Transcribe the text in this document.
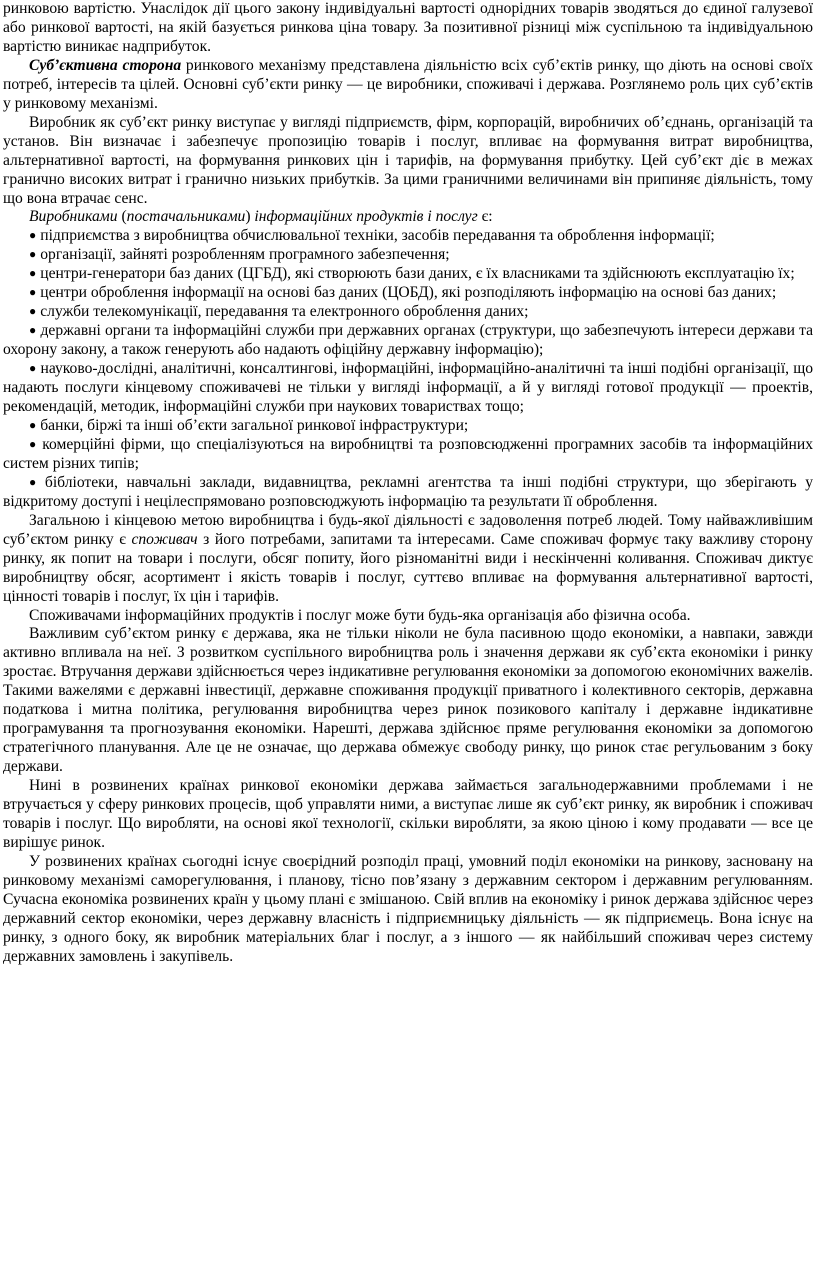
ринковою вартістю. Унаслідок дії цього закону індивідуальні вартості однорідних товарів зводяться до єдиної галузевої або ринкової вартості, на якій базується ринкова ціна товару. За позитивної різниці між суспільною та індивідуальною вартістю виникає надприбуток.

Суб’єктивна сторона ринкового механізму представлена діяльністю всіх суб’єктів ринку, що діють на основі своїх потреб, інтересів та цілей. Основні суб’єкти ринку — це виробники, споживачі і держава. Розглянемо роль цих суб’єктів у ринковому механізмі.

Виробник як суб’єкт ринку виступає у вигляді підприємств, фірм, корпорацій, виробничих об’єднань, організацій та установ. Він визначає і забезпечує пропозицію товарів і послуг, впливає на формування витрат виробництва, альтернативної вартості, на формування ринкових цін і тарифів, на формування прибутку. Цей суб’єкт діє в межах гранично високих витрат і гранично низьких прибутків. За цими граничними величинами він припиняє діяльність, тому що вона втрачає сенс.

Виробниками (постачальниками) інформаційних продуктів і послуг є:

● підприємства з виробництва обчислювальної техніки, засобів передавання та оброблення інформації;

● організації, зайняті розробленням програмного забезпечення;

● центри-генератори баз даних (ЦГБД), які створюють бази даних, є їх власниками та здійснюють експлуатацію їх;

● центри оброблення інформації на основі баз даних (ЦОБД), які розподіляють інформацію на основі баз даних;

● служби телекомунікації, передавання та електронного оброблення даних;

● державні органи та інформаційні служби при державних органах (структури, що забезпечують інтереси держави та охорону закону, а також генерують або надають офіційну державну інформацію);

● науково-дослідні, аналітичні, консалтингові, інформаційні, інформаційно-аналітичні та інші подібні організації, що надають послуги кінцевому споживачеві не тільки у вигляді інформації, а й у вигляді готової продукції — проектів, рекомендацій, методик, інформаційні служби при наукових товариствах тощо;

● банки, біржі та інші об’єкти загальної ринкової інфраструктури;

● комерційні фірми, що спеціалізуються на виробництві та розповсюдженні програмних засобів та інформаційних систем різних типів;

● бібліотеки, навчальні заклади, видавництва, рекламні агентства та інші подібні структури, що зберігають у відкритому доступі і нецілеспрямовано розповсюджують інформацію та результати її оброблення.

Загальною і кінцевою метою виробництва і будь-якої діяльності є задоволення потреб людей. Тому найважливішим суб’єктом ринку є споживач з його потребами, запитами та інтересами. Саме споживач формує таку важливу сторону ринку, як попит на товари і послуги, обсяг попиту, його різноманітні види і нескінченні коливання. Споживач диктує виробництву обсяг, асортимент і якість товарів і послуг, суттєво впливає на формування альтернативної вартості, цінності товарів і послуг, їх цін і тарифів.

Споживачами інформаційних продуктів і послуг може бути будь-яка організація або фізична особа.

Важливим суб’єктом ринку є держава, яка не тільки ніколи не була пасивною щодо економіки, а навпаки, завжди активно впливала на неї. З розвитком суспільного виробництва роль і значення держави як суб’єкта економіки і ринку зростає. Втручання держави здійснюється через індикативне регулювання економіки за допомогою економічних важелів. Такими важелями є державні інвестиції, державне споживання продукції приватного і колективного секторів, державна податкова і митна політика, регулювання виробництва через ринок позикового капіталу і державне індикативне програмування та прогнозування економіки. Нарешті, держава здійснює пряме регулювання економіки за допомогою стратегічного планування. Але це не означає, що держава обмежує свободу ринку, що ринок стає регульованим з боку держави.

Нині в розвинених країнах ринкової економіки держава займається загальнодержавними проблемами і не втручається у сферу ринкових процесів, щоб управляти ними, а виступає лише як суб’єкт ринку, як виробник і споживач товарів і послуг. Що виробляти, на основі якої технології, скільки виробляти, за якою ціною і кому продавати — все це вирішує ринок.

У розвинених країнах сьогодні існує своєрідний розподіл праці, умовний поділ економіки на ринкову, засновану на ринковому механізмі саморегулювання, і планову, тісно пов’язану з державним сектором і державним регулюванням. Сучасна економіка розвинених країн у цьому плані є змішаною. Свій вплив на економіку і ринок держава здійснює через державний сектор економіки, через державну власність і підприємницьку діяльність — як підприємець. Вона існує на ринку, з одного боку, як виробник матеріальних благ і послуг, а з іншого — як найбільший споживач через систему державних замовлень і закупівель.
